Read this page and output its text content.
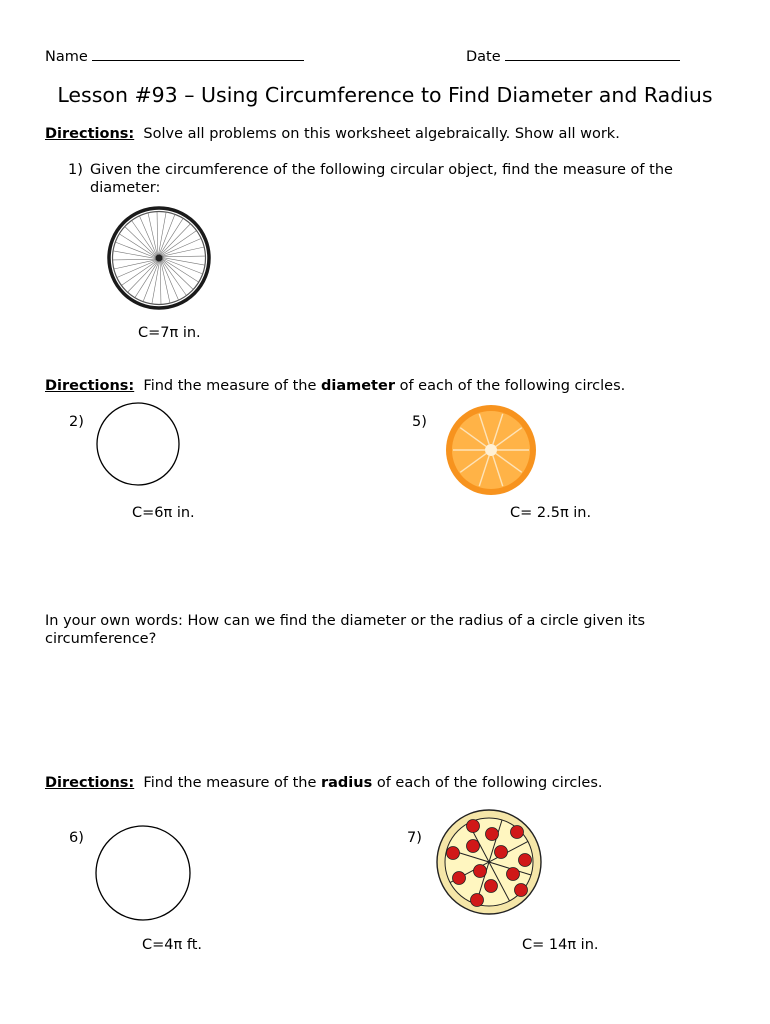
Name	Date
Lesson #93 – Using Circumference to Find Diameter and Radius
Directions: Solve all problems on this worksheet algebraically. Show all work.
1) Given the circumference of the following circular object, find the measure of the diameter:
C=7π in.
Directions: Find the measure of the diameter of each of the following circles.
2)
C=6π in.
5)
C= 2.5π in.
In your own words: How can we find the diameter or the radius of a circle given its circumference?
Directions: Find the measure of the radius of each of the following circles.
6)
C=4π ft.
7)
C= 14π in.
